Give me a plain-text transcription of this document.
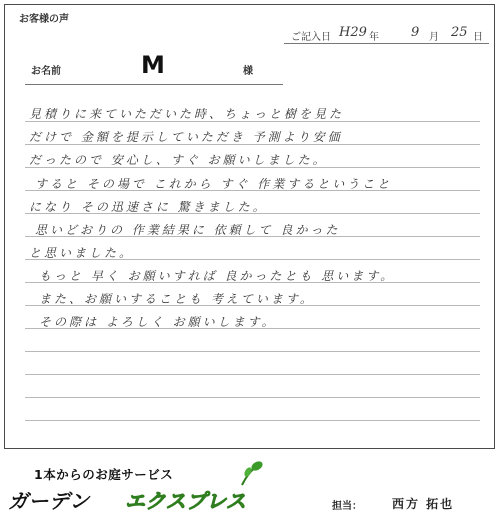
お客様の声
ご記入日 H29 年 9 月 25 日
お名前	M	様
見積りに来ていただいた時、ちょっと樹を見た
だけで 金額を提示していただき 予測より安価
だったので 安心し、すぐ お願いしました。
すると その場で これから すぐ 作業するということ
になり その迅速さに 驚きました。
思いどおりの 作業結果に 依頼して 良かった
と思いました。
もっと 早く お願いすれば 良かったとも 思います。
また、お願いすることも 考えています。
その際は よろしく お願いします。
1本からのお庭サービス
ガーデン エクスプレス	担当：	西方 拓也
